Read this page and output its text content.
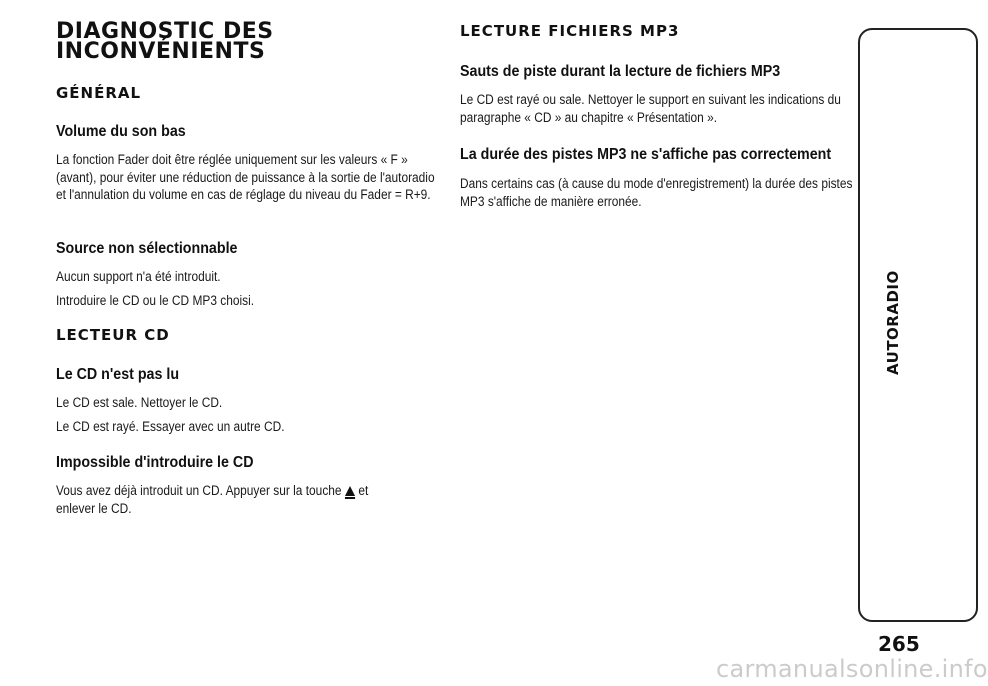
DIAGNOSTIC DES
INCONVÉNIENTS
GÉNÉRAL
Volume du son bas

La fonction Fader doit être réglée uniquement sur les valeurs « F » (avant), pour éviter une réduction de puissance à la sortie de l'autoradio et l'annulation du volume en cas de réglage du niveau du Fader = R+9.

Source non sélectionnable

Aucun support n'a été introduit.

Introduire le CD ou le CD MP3 choisi.

LECTEUR CD
Le CD n'est pas lu

Le CD est sale. Nettoyer le CD.

Le CD est rayé. Essayer avec un autre CD.

Impossible d'introduire le CD

Vous avez déjà introduit un CD. Appuyer sur la touche et
enlever le CD.

LECTURE FICHIERS MP3
Sauts de piste durant la lecture de fichiers MP3

Le CD est rayé ou sale. Nettoyer le support en suivant les indications du paragraphe « CD » au chapitre « Présentation ».

La durée des pistes MP3 ne s'affiche pas correctement

Dans certains cas (à cause du mode d'enregistrement) la durée des pistes MP3 s'affiche de manière erronée.

AUTORADIO
265
carmanualsonline.info
